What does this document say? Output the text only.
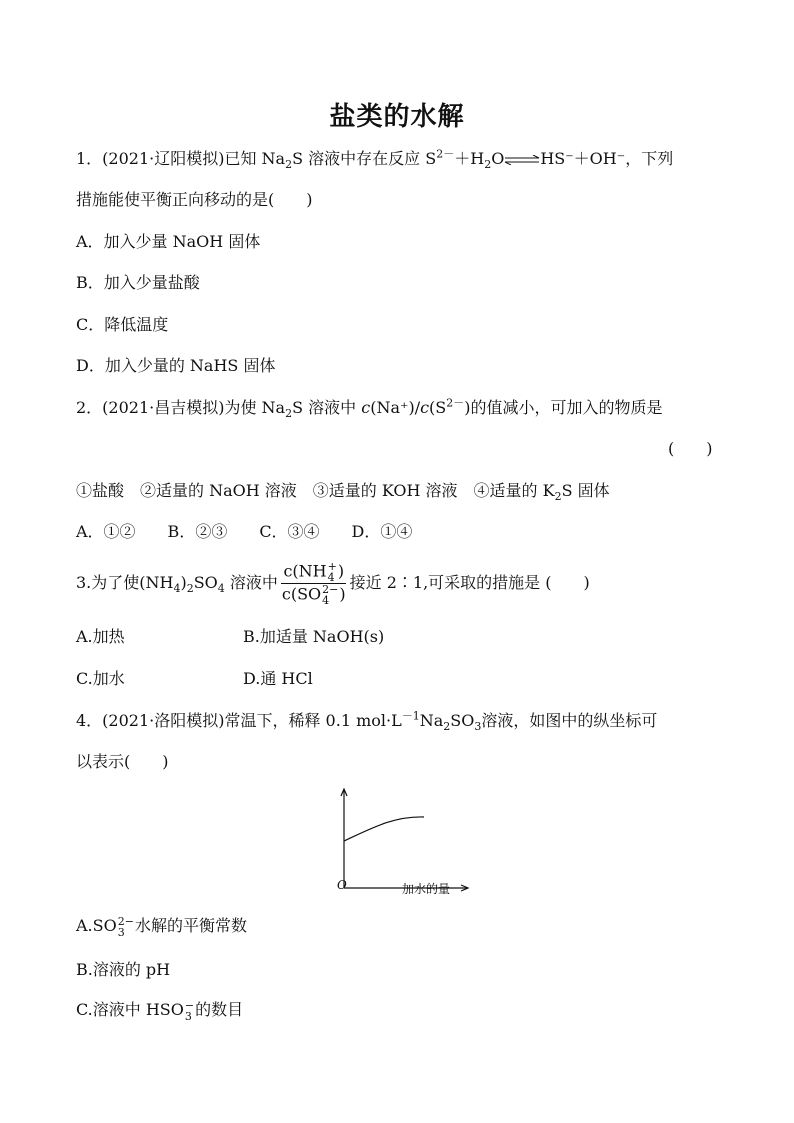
盐类的水解
1．(2021·辽阳模拟)已知 $Na_2S$ 溶液中存在反应 $S^{2-}+H_2O\rightleftharpoons HS^-+OH^-$，下列
措施能使平衡正向移动的是(　　)
A．加入少量 NaOH 固体
B．加入少量盐酸
C．降低温度
D．加入少量的 NaHS 固体
2．(2021·昌吉模拟)为使 $Na_2S$ 溶液中 $c(Na^+)/c(S^{2-})$的值减小，可加入的物质是
(　　)
①盐酸　②适量的 NaOH 溶液　③适量的 KOH 溶液　④适量的 $K_2S$ 固体
A．①②　　B．②③　　C．③④　　D．①④
3.为了使$(NH_4)_2SO_4$ 溶液中 c(NH +
4 )
c(SO 2−
4 ) 接近 2∶1,可采取的措施是 (　　)
A.加热	B.加适量 NaOH(s)
C.加水	D.通 HCl
4．(2021·洛阳模拟)常温下，稀释 0.1 $mol\cdot L^{-1}Na_2SO_3$溶液，如图中的纵坐标可
以表示(　　)
O	加水的量
A.SO 2−
3 水解的平衡常数
B.溶液的 pH
C.溶液中 HSO −
3 的数目
